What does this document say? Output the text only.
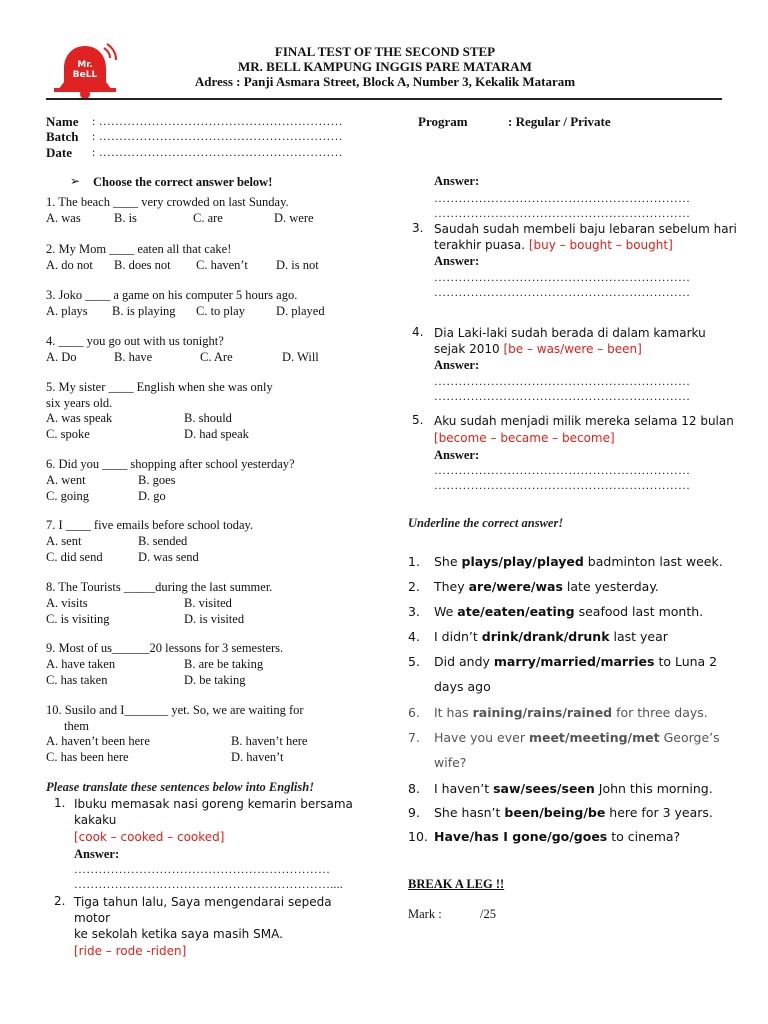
Mr. BeLL
FINAL TEST OF THE SECOND STEP
MR. BELL KAMPUNG INGGIS PARE MATARAM
Adress : Panji Asmara Street, Block A, Number 3, Kekalik Mataram
Name : ……………………………………………………
Batch : ……………………………………………………
Date : ……………………………………………………
Program	: Regular / Private
➢ Choose the correct answer below!
1. The beach ____ very crowded on last Sunday.
A. was	B. is	C. are	D. were
2. My Mom ____ eaten all that cake!
A. do not B. does not C. haven’t D. is not
3. Joko ____ a game on his computer 5 hours ago.
A. plays B. is playing C. to play D. played
4. ____ you go out with us tonight?
A. Do	B. have	C. Are	D. Will
5. My sister ____ English when she was only
six years old.
A. was speak	B. should
C. spoke	D. had speak
6. Did you ____ shopping after school yesterday?
A. went	B. goes
C. going	D. go
7. I ____ five emails before school today.
A. sent	B. sended
C. did send	D. was send
8. The Tourists _____during the last summer.
A. visits	B. visited
C. is visiting	D. is visited
9. Most of us______20 lessons for 3 semesters.
A. have taken	B. are be taking
C. has taken	D. be taking
10. Susilo and I_______ yet. So, we are waiting for
them
A. haven’t been here	B. haven’t here
C. has been here	D. haven’t
Please translate these sentences below into English!
1. Ibuku memasak nasi goreng kemarin bersama
kakaku
[cook – cooked – cooked]
Answer:
………………………………………………………
………………………………………………………....
2. Tiga tahun lalu, Saya mengendarai sepeda motor
ke sekolah ketika saya masih SMA.
[ride – rode -riden]
Answer:
………………………………………………………
………………………………………………………
3. Saudah sudah membeli baju lebaran sebelum hari
terakhir puasa. [buy – bought – bought]
Answer:
………………………………………………………
………………………………………………………
4. Dia Laki-laki sudah berada di dalam kamarku
sejak 2010 [be – was/were – been]
Answer:
………………………………………………………
………………………………………………………
5. Aku sudah menjadi milik mereka selama 12 bulan
[become – became – become]
Answer:
………………………………………………………
………………………………………………………
Underline the correct answer!
1. She plays/play/played badminton last week.
2. They are/were/was late yesterday.
3. We ate/eaten/eating seafood last month.
4. I didn’t drink/drank/drunk last year
5. Did andy marry/married/marries to Luna 2
days ago
6. It has raining/rains/rained for three days.
7. Have you ever meet/meeting/met George’s
wife?
8. I haven’t saw/sees/seen John this morning.
9. She hasn’t been/being/be here for 3 years.
10. Have/has I gone/go/goes to cinema?
BREAK A LEG !!
Mark :	/25
